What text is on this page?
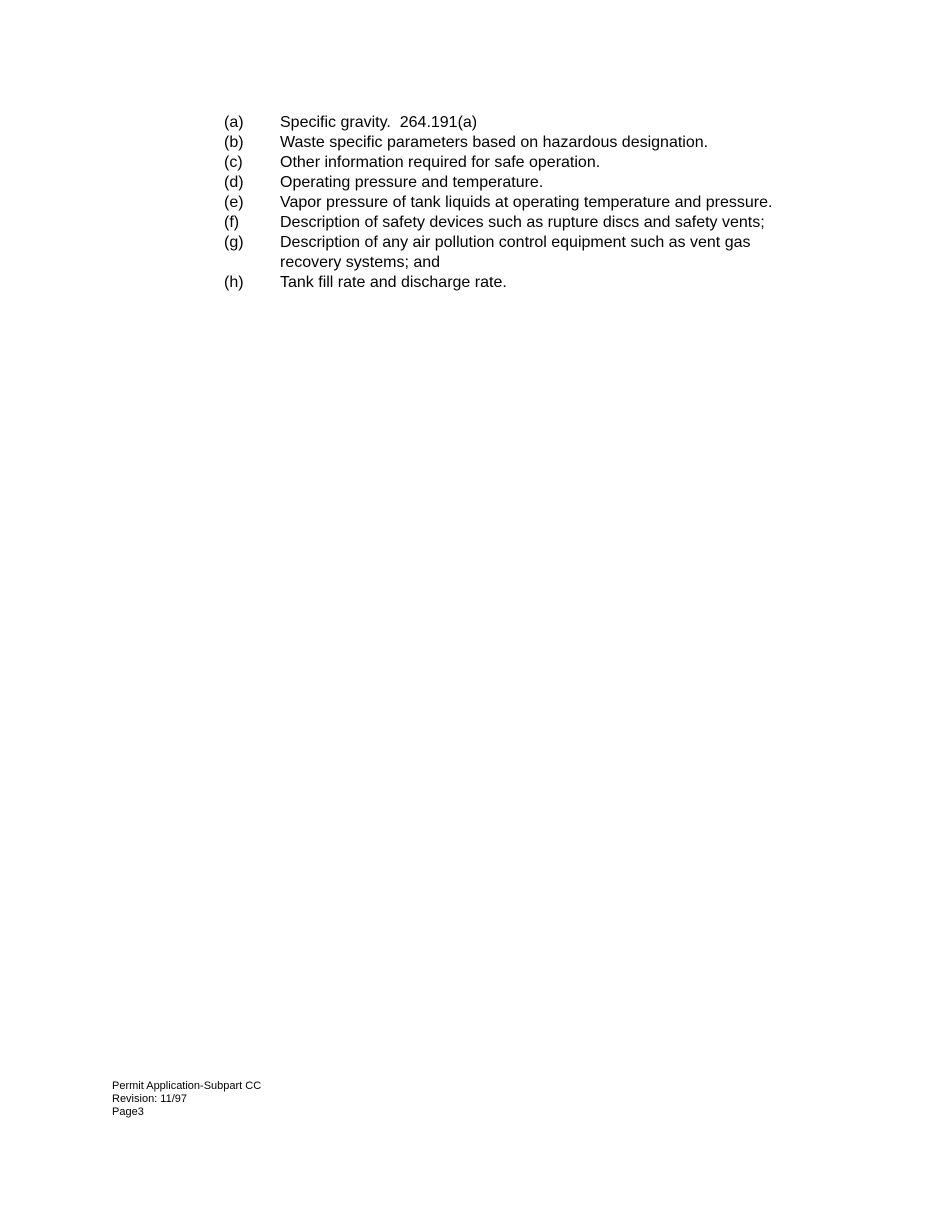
(a)	Specific gravity.  264.191(a)
(b)	Waste specific parameters based on hazardous designation.
(c)	Other information required for safe operation.
(d)	Operating pressure and temperature.
(e)	Vapor pressure of tank liquids at operating temperature and pressure.
(f)	Description of safety devices such as rupture discs and safety vents;
(g)	Description of any air pollution control equipment such as vent gas recovery systems; and
(h)	Tank fill rate and discharge rate.
Permit Application-Subpart CC
Revision: 11/97
Page3
